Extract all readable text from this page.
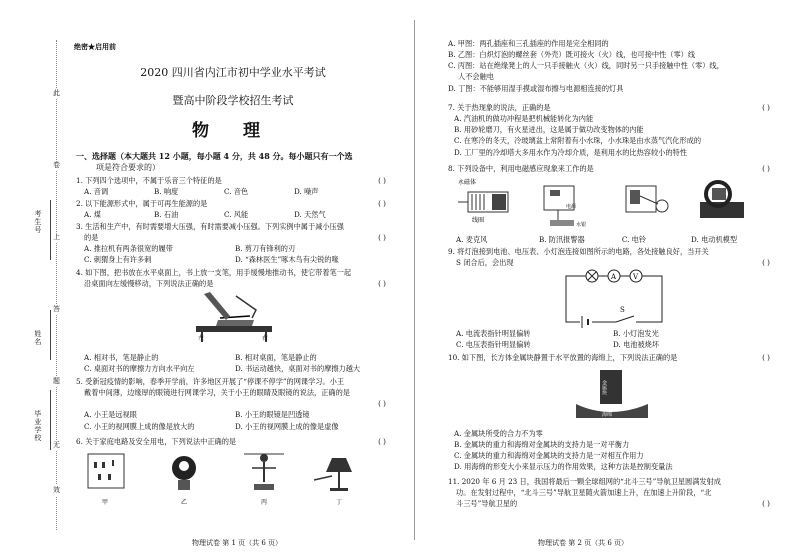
考生号
姓名
毕业学校
此
卷
上
答
题
无
效
绝密★启用前
2020 四川省内江市初中学业水平考试
暨高中阶段学校招生考试
物 理
一、选择题（本大题共 12 小题，每小题 4 分，共 48 分。每小题只有一个选
项是符合要求的）
1. 下列四个选项中，不属于乐音三个特征的是	( )
A. 音调	B. 响度	C. 音色	D. 噪声
2. 以下能源形式中，属于可再生能源的是	( )
A. 煤	B. 石油	C. 风能	D. 天然气
3. 生活和生产中，有时需要增大压强，有时需要减小压强。下列实例中属于减小压强
的是	( )
A. 推拉机有两条很宽的履带	B. 剪刀有锋利的刃
C. 刺猬身上有许多刺	D. “森林医生”啄木鸟有尖锐的喙
4. 如下图，把书放在水平桌面上，书上放一支笔，用手缓慢地推动书，使它带着笔一起
沿桌面向左缓慢移动，下列说法正确的是	( )
左	右
A. 相对书，笔是静止的	B. 相对桌面，笔是静止的
C. 桌面对书的摩擦力方向水平向左	D. 书运动越快，桌面对书的摩擦力越大
5. 受新冠疫情的影响，春季开学前，许多地区开展了“停课不停学”的网课学习。小王
戴着中间薄，边缘厚的眼镜进行网课学习，关于小王的眼睛及眼镜的说法，正确的是
( )
A. 小王是远视眼	B. 小王的眼镜是凹透镜
C. 小王的视网膜上成的像是放大的	D. 小王的视网膜上成的像是虚像
6. 关于家庭电路及安全用电，下列说法中正确的是	( )
甲	乙	丙	丁
物理试卷 第 1 页（共 6 页）
A. 甲图：两孔插座和三孔插座的作用是完全相同的
B. 乙图：白炽灯泡的螺丝套（外壳）既可接火（火）线，也可接中性（零）线
C. 丙图：站在绝缘凳上的人一只手接触火（火）线，同时另一只手接触中性（零）线，
人不会触电
D. 丁图：不能够用湿手摸或湿布擦与电源相连接的灯具
7. 关于热现象的说法，正确的是	( )
A. 汽油机的做功冲程是把机械能转化为内能
B. 用砂轮磨刀，有火星迸出，这是属于做功改变物体的内能
C. 在寒冷的冬天，冷玻璃盆上常附着有小水珠，小水珠是由水蒸气汽化形成的
D. 工厂里的冷却塔大多用水作为冷却介质，是利用水的比热容较小的特性
8. 下列设备中，利用电磁感应现象来工作的是	( )
永磁体
线圈
电源
水银
A. 麦克风	B. 防汛报警器	C. 电铃	D. 电动机模型
9. 将灯泡接到电池、电压表、小灯泡连接如图所示的电路，各处接触良好，当开关
S 闭合后，会出现	( )
A V
S
A. 电流表指针明显偏转	B. 小灯泡发光
C. 电压表指针明显偏转	D. 电池被烧坏
10. 如下图，长方体金属块静置于水平放置的海绵上，下列说法正确的是	( )
金属块
海绵
A. 金属块所受的合力不为零
B. 金属块的重力和海绵对金属块的支持力是一对平衡力
C. 金属块的重力和海绵对金属块的支持力是一对相互作用力
D. 用海绵的形变大小来显示压力的作用效果，这种方法是控制变量法
11. 2020 年 6 月 23 日，我国将最后一颗全球组网的“北斗三号”导航卫星圆满发射成
功。在发射过程中，“北斗三号”导航卫星随火箭加速上升，在加速上升阶段，“北
斗三号”导航卫星的	( )
物理试卷 第 2 页（共 6 页）
